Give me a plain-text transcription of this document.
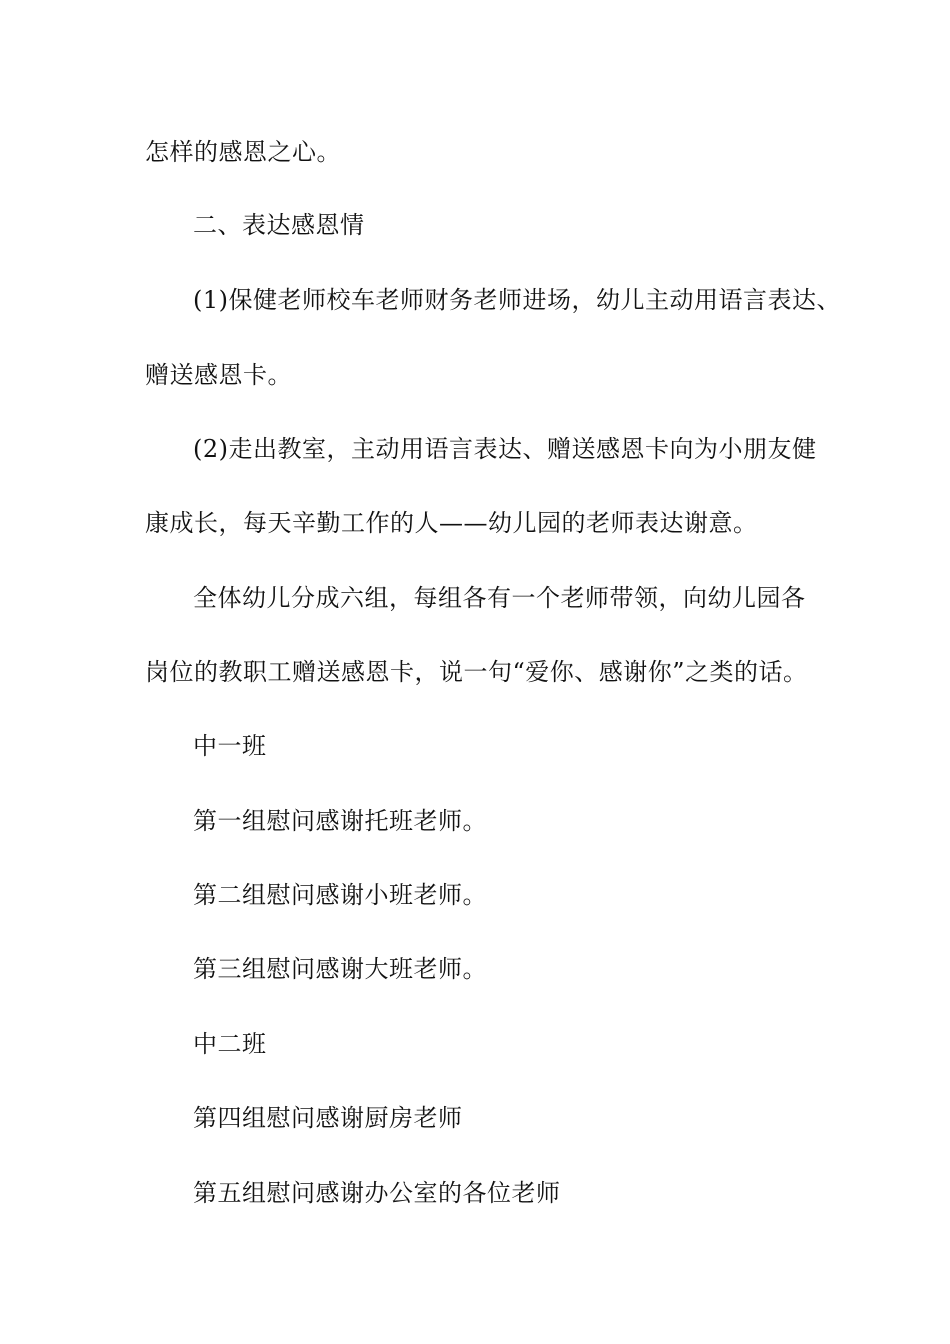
怎样的感恩之心。
二、表达感恩情
(1)保健老师校车老师财务老师进场，幼儿主动用语言表达、
赠送感恩卡。
(2)走出教室，主动用语言表达、赠送感恩卡向为小朋友健
康成长，每天辛勤工作的人——幼儿园的老师表达谢意。
全体幼儿分成六组，每组各有一个老师带领，向幼儿园各
岗位的教职工赠送感恩卡，说一句“爱你、感谢你”之类的话。
中一班
第一组慰问感谢托班老师。
第二组慰问感谢小班老师。
第三组慰问感谢大班老师。
中二班
第四组慰问感谢厨房老师
第五组慰问感谢办公室的各位老师
